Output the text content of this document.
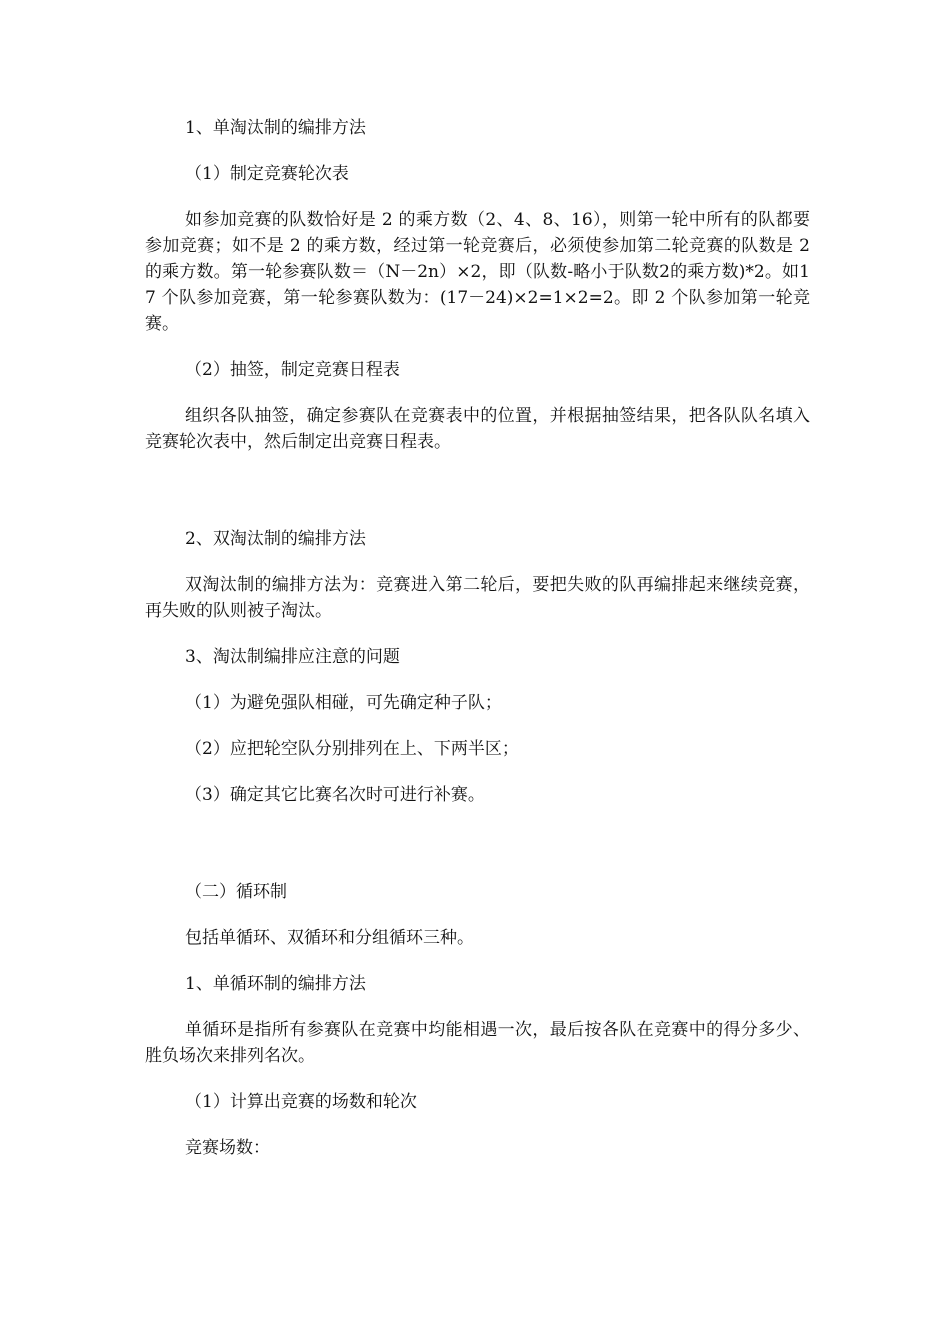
1、单淘汰制的编排方法

（1）制定竞赛轮次表

如参加竞赛的队数恰好是 2 的乘方数（2、4、8、16），则第一轮中所有的队都要参加竞赛；如不是 2 的乘方数，经过第一轮竞赛后，必须使参加第二轮竞赛的队数是 2 的乘方数。第一轮参赛队数＝（N－2n）×2，即（队数-略小于队数2的乘方数)*2。如17 个队参加竞赛，第一轮参赛队数为：(17－24)×2=1×2=2。即 2 个队参加第一轮竞赛。

（2）抽签，制定竞赛日程表

组织各队抽签，确定参赛队在竞赛表中的位置，并根据抽签结果，把各队队名填入竞赛轮次表中，然后制定出竞赛日程表。

2、双淘汰制的编排方法

双淘汰制的编排方法为：竞赛进入第二轮后，要把失败的队再编排起来继续竞赛，再失败的队则被子淘汰。

3、淘汰制编排应注意的问题

（1）为避免强队相碰，可先确定种子队；

（2）应把轮空队分别排列在上、下两半区；

（3）确定其它比赛名次时可进行补赛。

（二）循环制

包括单循环、双循环和分组循环三种。

1、单循环制的编排方法

单循环是指所有参赛队在竞赛中均能相遇一次，最后按各队在竞赛中的得分多少、胜负场次来排列名次。

（1）计算出竞赛的场数和轮次

竞赛场数：
